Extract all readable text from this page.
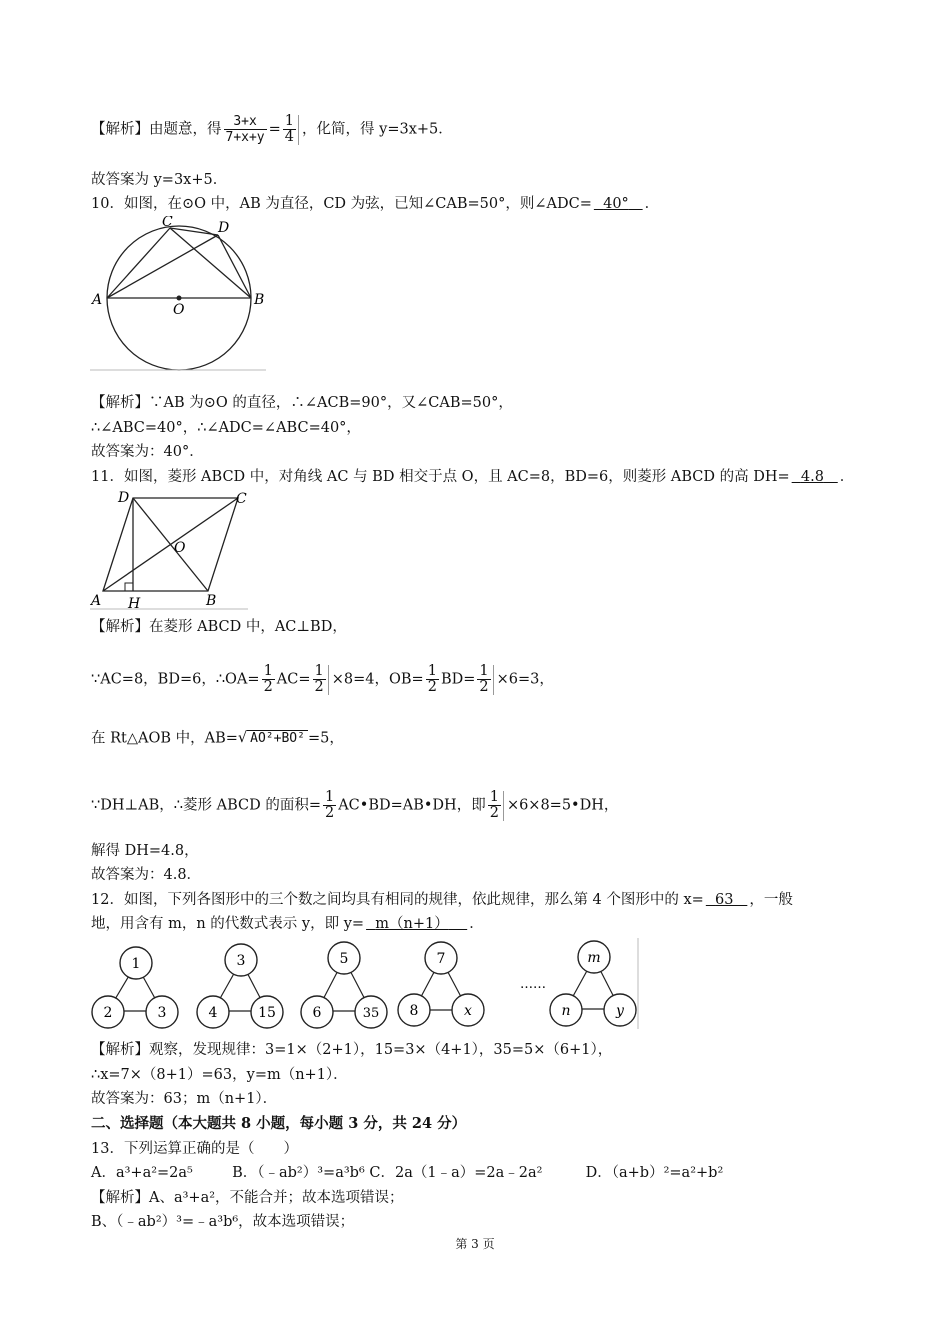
【解析】由题意，得 $\frac{3+x}{7+x+y} = \frac{1}{4}$ ，化简，得 y=3x+5．
故答案为 y=3x+5．
10．如图，在⊙O 中，AB 为直径，CD 为弦，已知∠CAB=50°，则∠ADC= 40° ．
A	B
C	D
O
【解析】∵AB 为⊙O 的直径，∴∠ACB=90°，又∠CAB=50°，
∴∠ABC=40°，∴∠ADC=∠ABC=40°，
故答案为：40°．
11．如图，菱形 ABCD 中，对角线 AC 与 BD 相交于点 O，且 AC=8，BD=6，则菱形 ABCD 的高 DH= 4.8 ．
A	B
C
D
O
H
【解析】在菱形 ABCD 中，AC⊥BD，
∵AC=8，BD=6，∴OA= $\frac{1}{2} AC= \frac{1}{2} \times 8=4$，$OB= \frac{1}{2} BD= \frac{1}{2} \times 6=3$，
在 Rt△AOB 中，AB=√ AO²+BO² =5，
∵DH⊥AB，∴菱形 ABCD 的面积= $\frac{1}{2}$ AC•BD=AB•DH，即 $\frac{1}{2}$ ×6×8=5•DH，
解得 DH=4.8，
故答案为：4.8．
12．如图，下列各图形中的三个数之间均具有相同的规律，依此规律，那么第 4 个图形中的 x= 63 ，一般
地，用含有 m，n 的代数式表示 y，即 y= m（n+1） ．
1
2	3
3
4	15
5
6	35
7
8	x
……
m
n	y
【解析】观察，发现规律：3=1×（2+1），15=3×（4+1），35=5×（6+1），
∴x=7×（8+1）=63，y=m（n+1）．
故答案为：63；m（n+1）．
二、选择题（本大题共 8 小题，每小题 3 分，共 24 分）
13．下列运算正确的是（　　）
A．a³+a²=2a⁵	B．（﹣ab²）³=a³b⁶ C．2a（1﹣a）=2a﹣2a²	D．（a+b）²=a²+b²
【解析】A、a³+a²，不能合并；故本选项错误；
B、（﹣ab²）³=﹣a³b⁶，故本选项错误；
第 3 页
